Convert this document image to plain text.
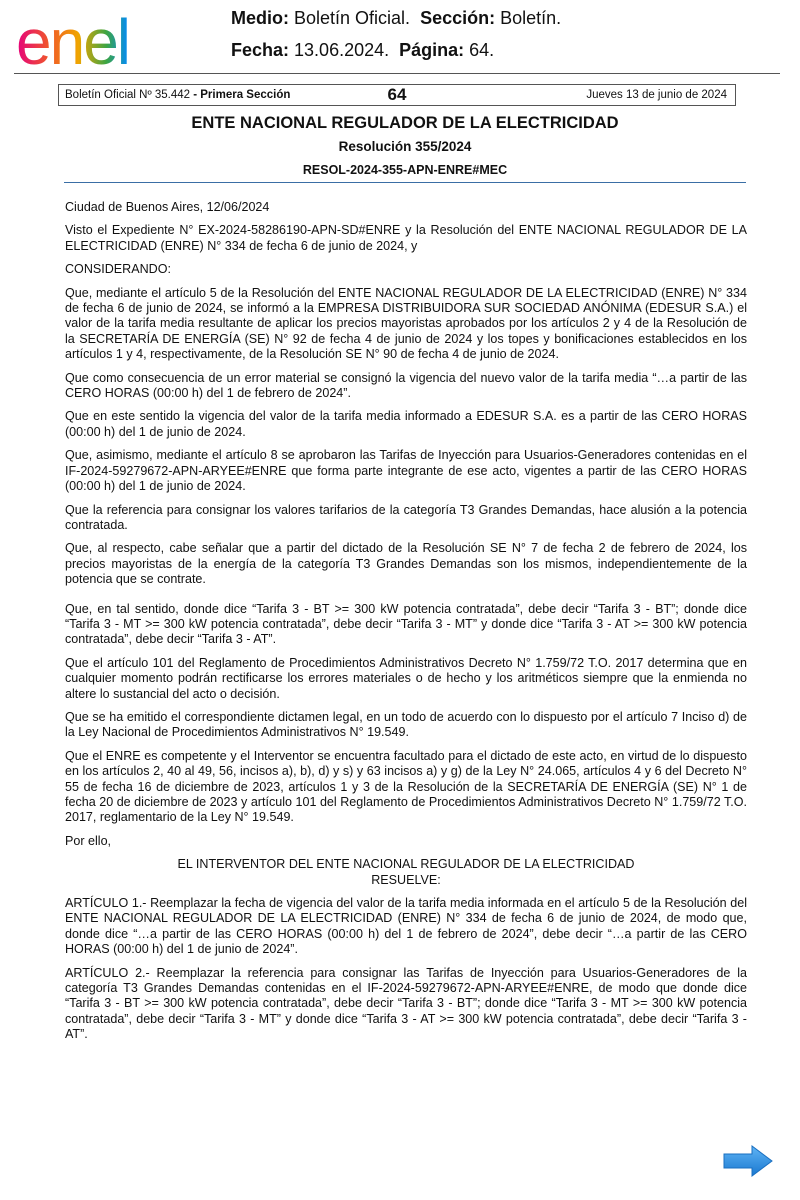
enel	Medio: Boletín Oficial. Sección: Boletín.
Fecha: 13.06.2024. Página: 64.
Boletín Oficial Nº 35.442 - Primera Sección	64	Jueves 13 de junio de 2024
ENTE NACIONAL REGULADOR DE LA ELECTRICIDAD
Resolución 355/2024
RESOL-2024-355-APN-ENRE#MEC

Ciudad de Buenos Aires, 12/06/2024

Visto el Expediente N° EX-2024-58286190-APN-SD#ENRE y la Resolución del ENTE NACIONAL REGULADOR DE LA ELECTRICIDAD (ENRE) N° 334 de fecha 6 de junio de 2024, y

CONSIDERANDO:

Que, mediante el artículo 5 de la Resolución del ENTE NACIONAL REGULADOR DE LA ELECTRICIDAD (ENRE) N° 334 de fecha 6 de junio de 2024, se informó a la EMPRESA DISTRIBUIDORA SUR SOCIEDAD ANÓNIMA (EDESUR S.A.) el valor de la tarifa media resultante de aplicar los precios mayoristas aprobados por los artículos 2 y 4 de la Resolución de la SECRETARÍA DE ENERGÍA (SE) N° 92 de fecha 4 de junio de 2024 y los topes y bonificaciones establecidos en los artículos 1 y 4, respectivamente, de la Resolución SE N° 90 de fecha 4 de junio de 2024.

Que como consecuencia de un error material se consignó la vigencia del nuevo valor de la tarifa media “…a partir de las CERO HORAS (00:00 h) del 1 de febrero de 2024”.

Que en este sentido la vigencia del valor de la tarifa media informado a EDESUR S.A. es a partir de las CERO HORAS (00:00 h) del 1 de junio de 2024.

Que, asimismo, mediante el artículo 8 se aprobaron las Tarifas de Inyección para Usuarios-Generadores contenidas en el IF-2024-59279672-APN-ARYEE#ENRE que forma parte integrante de ese acto, vigentes a partir de las CERO HORAS (00:00 h) del 1 de junio de 2024.

Que la referencia para consignar los valores tarifarios de la categoría T3 Grandes Demandas, hace alusión a la potencia contratada.

Que, al respecto, cabe señalar que a partir del dictado de la Resolución SE N° 7 de fecha 2 de febrero de 2024, los precios mayoristas de la energía de la categoría T3 Grandes Demandas son los mismos, independientemente de la potencia que se contrate.

Que, en tal sentido, donde dice “Tarifa 3 - BT >= 300 kW potencia contratada”, debe decir “Tarifa 3 - BT”; donde dice “Tarifa 3 - MT >= 300 kW potencia contratada”, debe decir “Tarifa 3 - MT” y donde dice “Tarifa 3 - AT >= 300 kW potencia contratada”, debe decir “Tarifa 3 - AT”.

Que el artículo 101 del Reglamento de Procedimientos Administrativos Decreto N° 1.759/72 T.O. 2017 determina que en cualquier momento podrán rectificarse los errores materiales o de hecho y los aritméticos siempre que la enmienda no altere lo sustancial del acto o decisión.

Que se ha emitido el correspondiente dictamen legal, en un todo de acuerdo con lo dispuesto por el artículo 7 Inciso d) de la Ley Nacional de Procedimientos Administrativos N° 19.549.

Que el ENRE es competente y el Interventor se encuentra facultado para el dictado de este acto, en virtud de lo dispuesto en los artículos 2, 40 al 49, 56, incisos a), b), d) y s) y 63 incisos a) y g) de la Ley N° 24.065, artículos 4 y 6 del Decreto N° 55 de fecha 16 de diciembre de 2023, artículos 1 y 3 de la Resolución de la SECRETARÍA DE ENERGÍA (SE) N° 1 de fecha 20 de diciembre de 2023 y artículo 101 del Reglamento de Procedimientos Administrativos Decreto N° 1.759/72 T.O. 2017, reglamentario de la Ley N° 19.549.

Por ello,

EL INTERVENTOR DEL ENTE NACIONAL REGULADOR DE LA ELECTRICIDAD
RESUELVE:

ARTÍCULO 1.- Reemplazar la fecha de vigencia del valor de la tarifa media informada en el artículo 5 de la Resolución del ENTE NACIONAL REGULADOR DE LA ELECTRICIDAD (ENRE) N° 334 de fecha 6 de junio de 2024, de modo que, donde dice “…a partir de las CERO HORAS (00:00 h) del 1 de febrero de 2024”, debe decir “…a partir de las CERO HORAS (00:00 h) del 1 de junio de 2024”.

ARTÍCULO 2.- Reemplazar la referencia para consignar las Tarifas de Inyección para Usuarios-Generadores de la categoría T3 Grandes Demandas contenidas en el IF-2024-59279672-APN-ARYEE#ENRE, de modo que donde dice “Tarifa 3 - BT >= 300 kW potencia contratada”, debe decir “Tarifa 3 - BT”; donde dice “Tarifa 3 - MT >= 300 kW potencia contratada”, debe decir “Tarifa 3 - MT” y donde dice “Tarifa 3 - AT >= 300 kW potencia contratada”, debe decir “Tarifa 3 - AT”.
